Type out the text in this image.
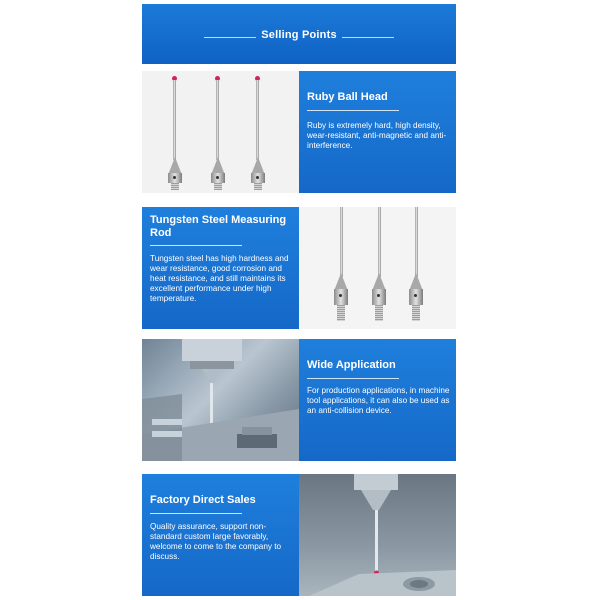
Selling Points
Ruby Ball Head
Ruby is extremely hard, high density, wear-resistant, anti-magnetic and anti-interference.
Tungsten Steel Measuring Rod
Tungsten steel has high hardness and wear resistance, good corrosion and heat resistance, and still maintains its excellent performance under high temperature.
Wide Application
For production applications, in machine tool applications, it can also be used as an anti-collision device.
Factory Direct Sales
Quality assurance, support non-standard custom large favorably, welcome to come to the company to discuss.
